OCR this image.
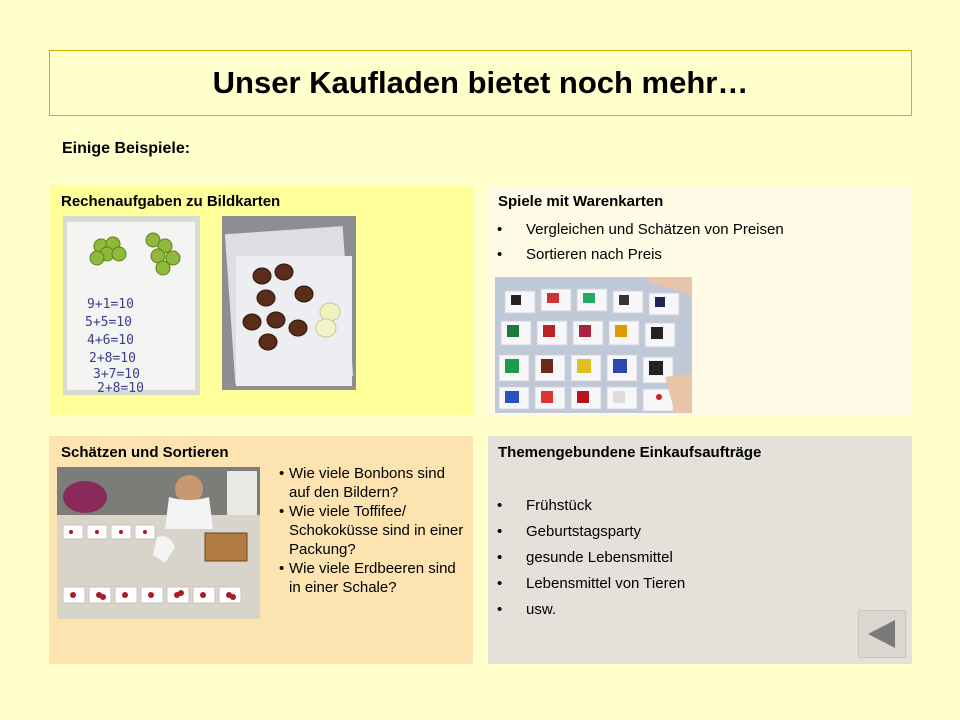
Unser Kaufladen bietet noch mehr…
Einige Beispiele:
Rechenaufgaben zu Bildkarten
9+1=10
5+5=10
4+6=10
2+8=10
3+7=10
2+8=10
Spiele mit Warenkarten
• Vergleichen und Schätzen von Preisen
• Sortieren nach Preis
Schätzen und Sortieren
• Wie viele Bonbons sind auf den Bildern?
• Wie viele Toffifee/ Schokoküsse sind in einer Packung?
• Wie viele Erdbeeren sind in einer Schale?
Themengebundene Einkaufsaufträge
• Frühstück
• Geburtstagsparty
• gesunde Lebensmittel
• Lebensmittel von Tieren
• usw.
